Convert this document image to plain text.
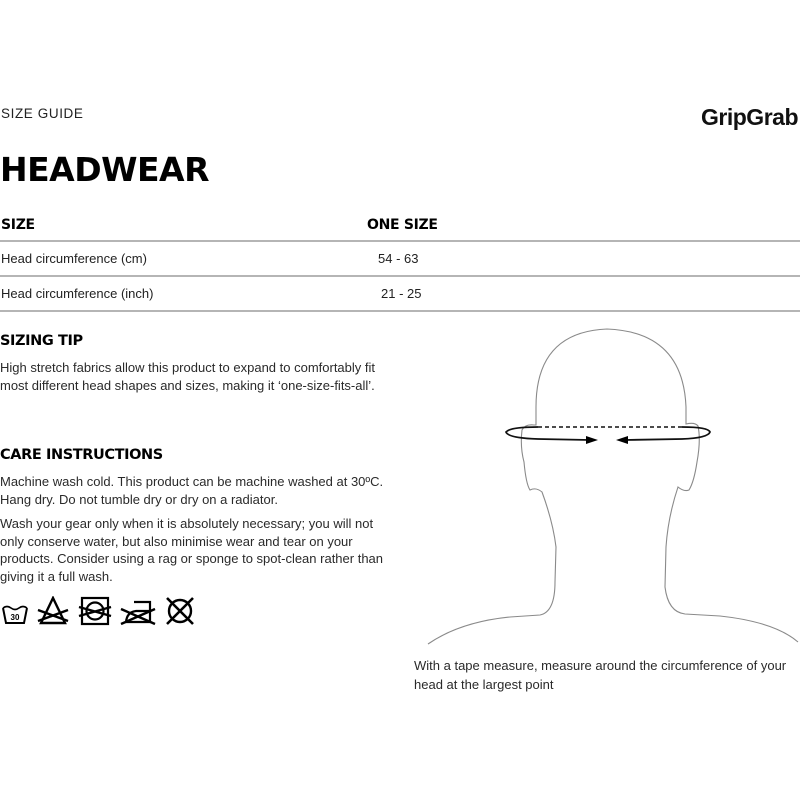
SIZE GUIDE	GripGrab
HEADWEAR
SIZE	ONE SIZE
Head circumference (cm)	54 - 63
Head circumference (inch)	21 - 25
SIZING TIP

High stretch fabrics allow this product to expand to comfortably fit most different head shapes and sizes, making it ‘one-size-fits-all’.

CARE INSTRUCTIONS

Machine wash cold. This product can be machine washed at 30ºC. Hang dry. Do not tumble dry or dry on a radiator.

Wash your gear only when it is absolutely necessary; you will not only conserve water, but also minimise wear and tear on your products. Consider using a rag or sponge to spot-clean rather than giving it a full wash.

30
With a tape measure, measure around the circumference of your head at the largest point
